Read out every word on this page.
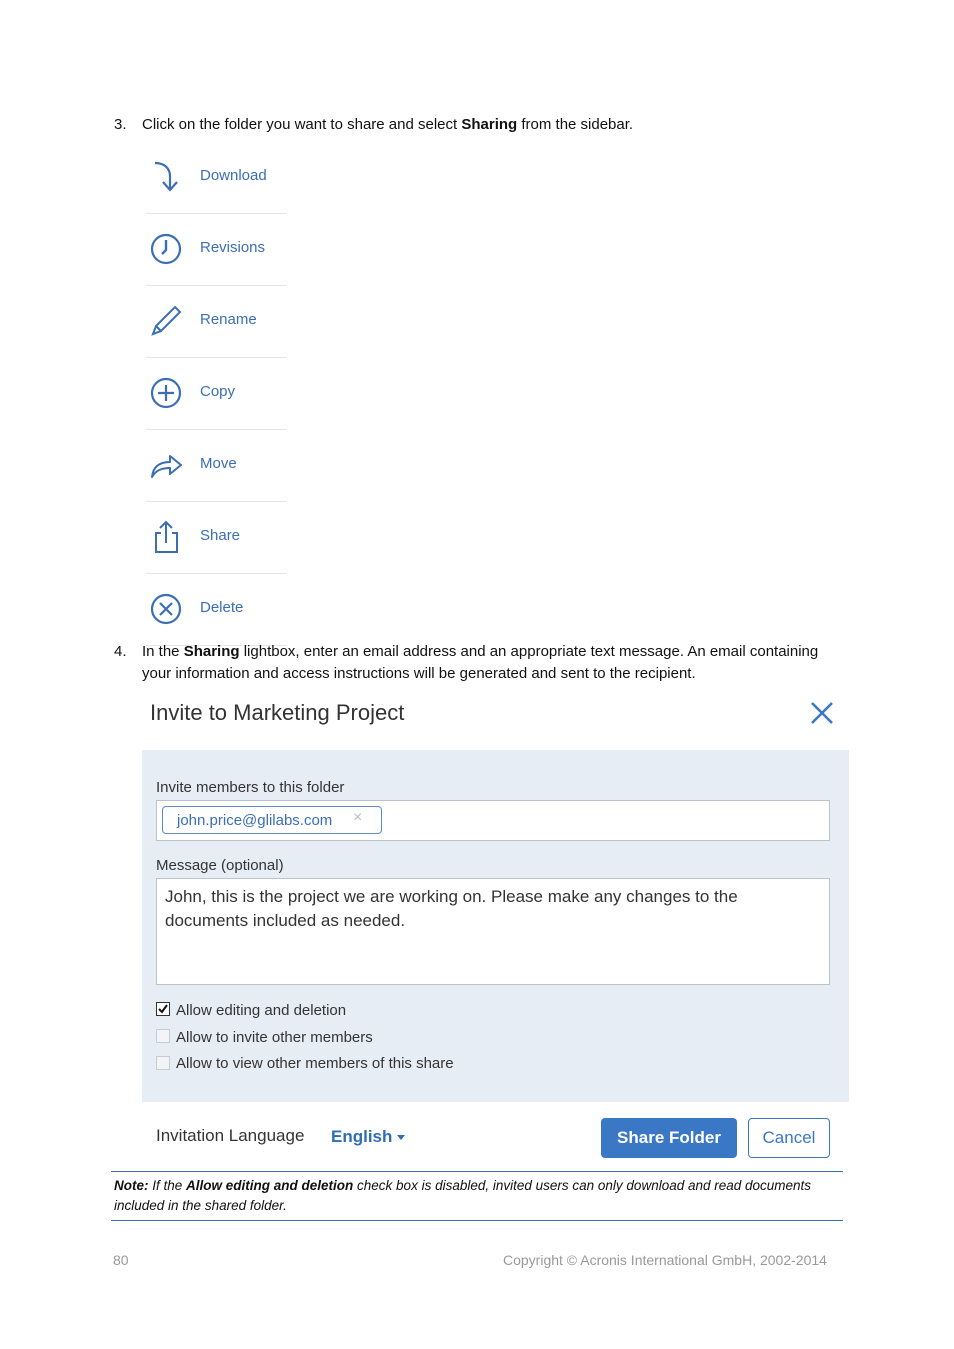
3. Click on the folder you want to share and select Sharing from the sidebar.
Download
Revisions
Rename
Copy
Move
Share
Delete
4. In the Sharing lightbox, enter an email address and an appropriate text message. An email containing your information and access instructions will be generated and sent to the recipient.
Invite to Marketing Project
Invite members to this folder
john.price@glilabs.com ×
Message (optional)
John, this is the project we are working on. Please make any changes to the documents included as needed.
Allow editing and deletion
Allow to invite other members
Allow to view other members of this share
Invitation Language English	Share Folder	Cancel

Note: If the Allow editing and deletion check box is disabled, invited users can only download and read documents included in the shared folder.

80	Copyright © Acronis International GmbH, 2002-2014
